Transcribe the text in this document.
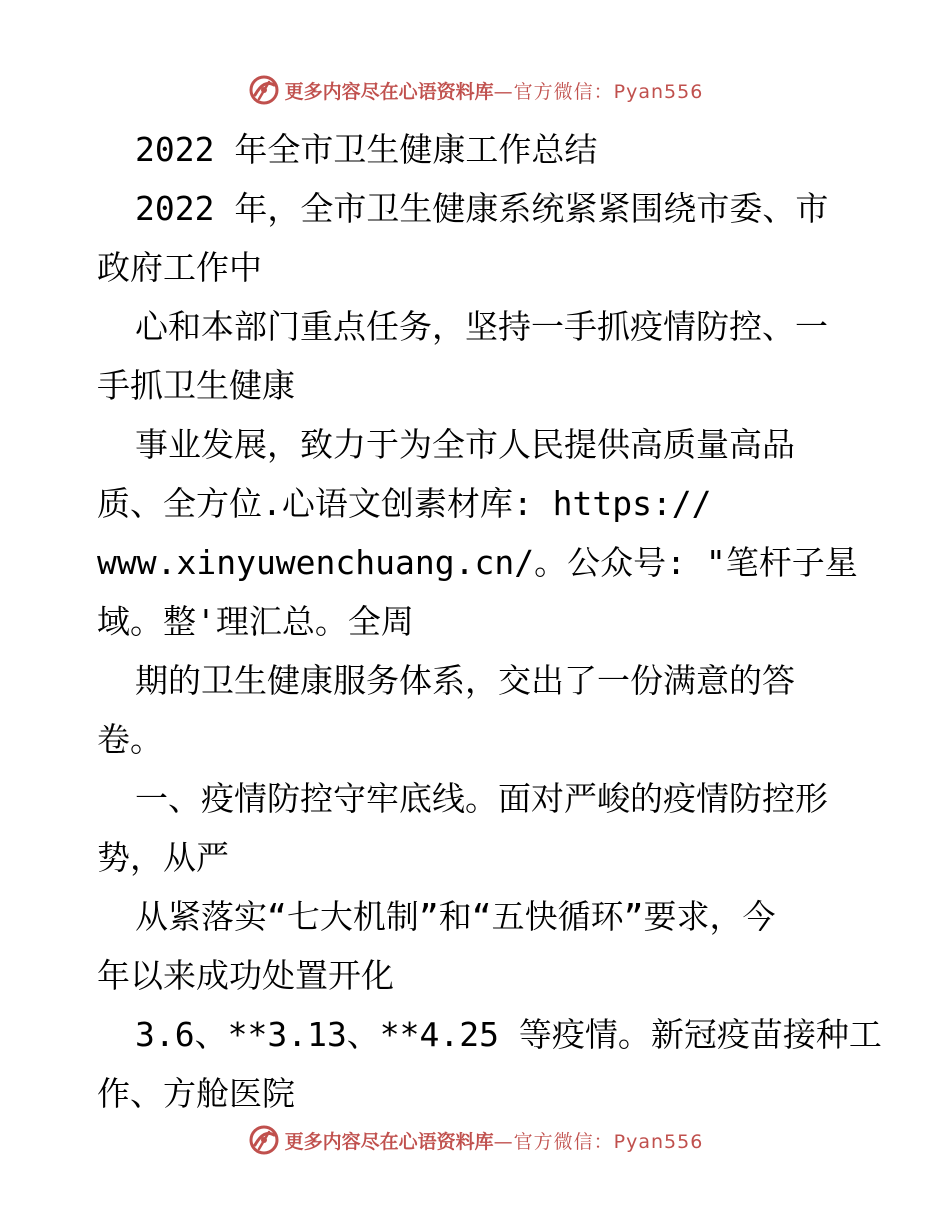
更多内容尽在心语资料库 —官方微信：Pyan556

2022 年全市卫生健康工作总结

2022 年，全市卫生健康系统紧紧围绕市委、市

政府工作中

心和本部门重点任务，坚持一手抓疫情防控、一

手抓卫生健康

事业发展，致力于为全市人民提供高质量高品

质、全方位.心语文创素材库: https://

www.xinyuwenchuang.cn/。公众号: "笔杆子星

域。整'理汇总。全周

期的卫生健康服务体系，交出了一份满意的答

卷。

一、疫情防控守牢底线。面对严峻的疫情防控形

势，从严

从紧落实“七大机制”和“五快循环”要求，今

年以来成功处置开化

3.6、**3.13、**4.25 等疫情。新冠疫苗接种工

作、方舱医院

更多内容尽在心语资料库 —官方微信：Pyan556
